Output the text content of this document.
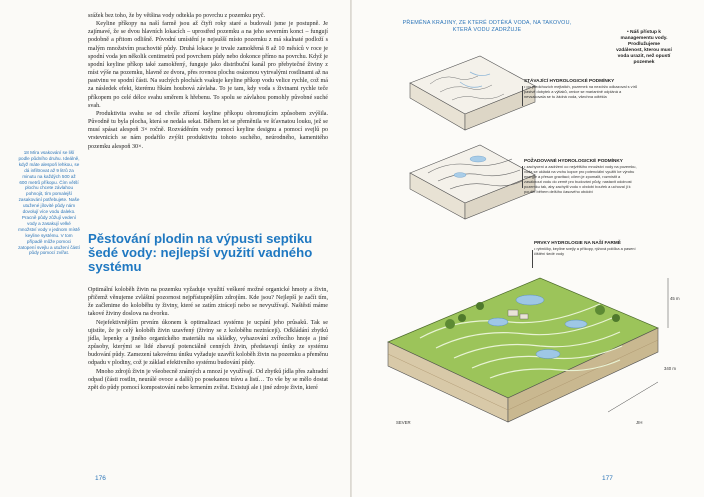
srážek bez toho, že by většina vody odtekla po povrchu z pozemku pryč.

Keyline příkopy na naší farmě jsou až čtyři roky staré a budovali jsme je postupně. Je zajímavé, že se dvou hlavních lokacích – uprostřed pozemku a na jeho severním konci – fungují podobně a přitom odlišně. Původní umístění je nejsušší místo pozemku z má skalnaté podloží s malým množstvím prachovité půdy. Druhá lokace je trvale zamokřená 8 až 10 měsíců v roce je spodní voda jen několik centimetrů pod povrchem půdy nebo dokonce přímo na povrchu. Když je spodní keyline příkop také zamokřený, funguje jako distribuční kanál pro přebytečné živiny z míst výše na pozemku, hlavně ze dvora, přes rovnou plochu osázenou vytrvalými rostlinami až na pastvinu ve spodní části. Na suchých plochách vsakuje keyline příkop vodu velice rychle, což má za následek efekt, kterému říkám houbová závlaha. To je tam, kdy voda s živinami rychle teče příkopem po celé délce svahu směrem k hřebenu. To spolu se závlahou pomohly půvobné suché svah.

Produktivita svahu se od chvíle zřízení keyline příkopu ohromujícím způsobem zvýšila. Původně tu byla plocha, která se nedala sekat. Během let se přeměnila ve šťavnatou louku, jež se musí spásat alespoň 3× ročně. Rozváděním vody pomocí keyline designu a pomocí svejlů po vrstevnicích se nám podařilo zvýšit produktivitu tohoto suchého, neúrodného, kamenitého pozemku alespoň 30×.

18 Míra vsakování se liší podle půdního druhu. Ideálně, když máte alespoň lehkou, se dá infiltrovat až 9 litrů za minutu na každých 500 až 600 metrů příkopu. Čím větší plochu chcete závlahou pohnojit, tím pomalejší zasakování potřebujete. Naše utužené jílovité půdy nám dovolují více vodu daleko. Pracně půdy zůžují vedení vody a zasakují velké množství vody v jednom místě keyline systému. V tom případě může pomoci zatopení svejlu a utužení částí půdy pomocí zvířat.
Pěstování plodin na výpusti septiku šedé vody: nejlepší využití vadného systému

Optimální koloběh živin na pozemku vyžaduje využití veškeré možné organické hmoty a živin, přičemž věnujeme zvláštní pozornost nejpřístupnějším zdrojům. Kde jsou? Nejlepší je začít tím, že začlenime do koloběhu ty živiny, které se zatím ztrácejí nebo se nevyužívají. Naštěstí máme takové živiny doslova na dvorku.

Nejefektivnějším prvním úkonem k optimalizaci systému je ucpání jeho průsaků. Tak se ujistíte, že je celý koloběh živin uzavřený (živiny se z koloběhu neztrácejí). Odkládání zbytků jídla, lepenky a jiného organického materiálu na skládky, vyhazování zvířecího hnoje a jiné způsoby, kterými se lidé zbavují potenciálně cenných živin, představují úniky ze systému budování půdy. Zamezení takovému úniku vyžaduje uzavřít koloběh živin na pozemku a přeměnu odpadu v plodiny, což je základ efektivního systému budování půdy.

Mnoho zdrojů živin je všeobecně známých a mnozí je využívají. Od zbytků jídla přes zahradní odpad (části rostlin, neurálé ovoce a další) po posekanou trávu a listí… To vše by se mělo dostat zpět do půdy pomocí kompostování nebo krmením zvířat. Existují ale i jiné zdroje živin, které

176
PŘEMĚNA KRAJINY, ZE KTERÉ ODTÉKÁ VODA, NA TAKOVOU, KTERÁ VODU ZADRŽUJE	• Náš přístup k managementu vody. Prodlužujeme vzdálenost, kterou musí voda urazit, než opustí pozemek
STÁVAJÍCÍ HYDROLOGICKÉ PODMÍNKY
• po předchozích mejtatich, pozemek na nezdržo odkazoval s vírů pastvě dobytek a výtlaků, ornice se mariantně odpláná a nevsakovala se tu žádná voda, všechna odtékla
POŽADOVANÉ HYDROLOGICKÉ PODMÍNKY
• zachycení a zadržení co největšího množství vody na pozemku, voda se ukládá na vrchu kopce pro potenciální využití ke výrobu energie a přesun gravitací; cílem je zpomalit, rozmístit a zasáknout vodu do země pro budování půdy, nastavit odolnost pozemku tak, aby zachytil vodu v období bouřek a uchoval ji k použití během delšího časového období
PRVKY HYDROLOGIE NA NAŠÍ FARMĚ
• rybníčky, keyline svejly a příkopy, rýžová políčka a pasení čištění šedé vody
45 m
340 m
SEVER	JIH
177
